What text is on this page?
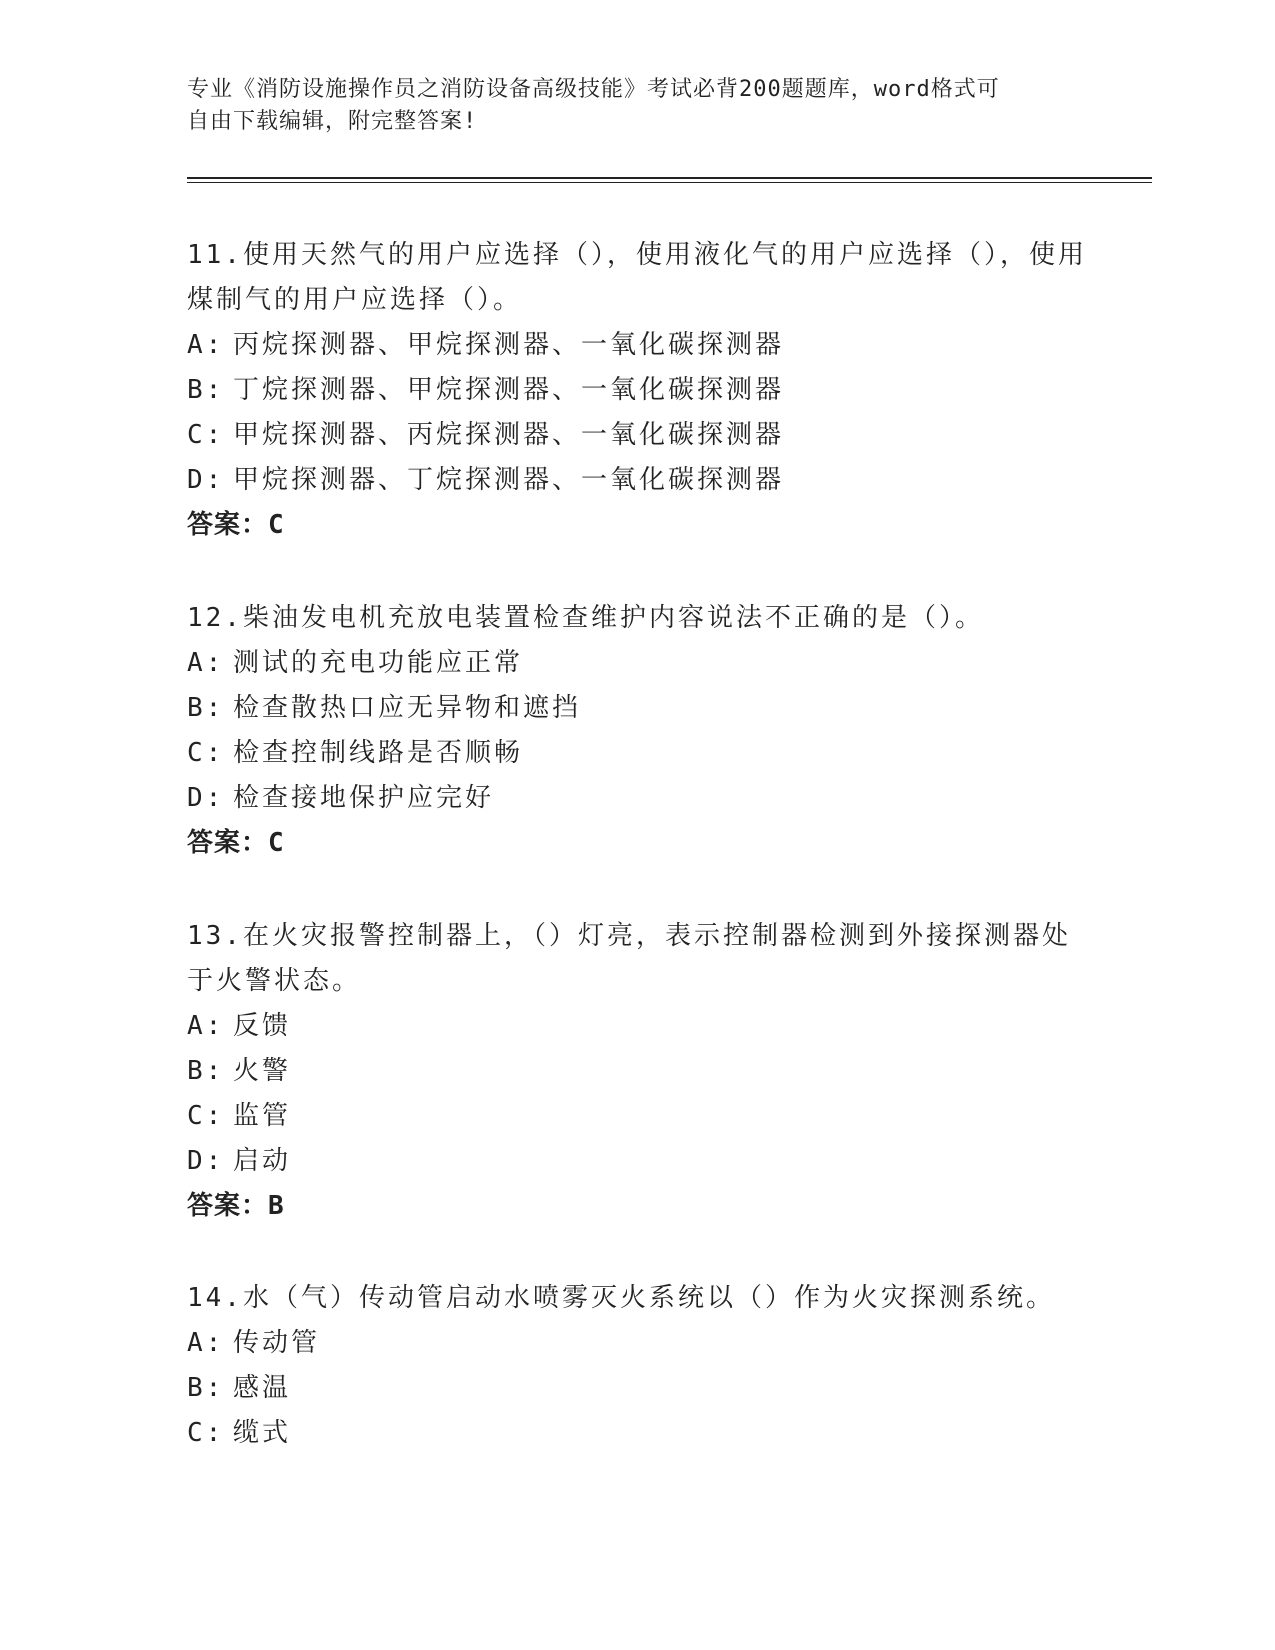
专业《消防设施操作员之消防设备高级技能》考试必背200题题库，word格式可
自由下载编辑，附完整答案!
11.使用天然气的用户应选择（），使用液化气的用户应选择（），使用煤制气的用户应选择（）。
A: 丙烷探测器、甲烷探测器、一氧化碳探测器
B: 丁烷探测器、甲烷探测器、一氧化碳探测器
C: 甲烷探测器、丙烷探测器、一氧化碳探测器
D: 甲烷探测器、丁烷探测器、一氧化碳探测器
答案：C
12.柴油发电机充放电装置检查维护内容说法不正确的是（）。
A: 测试的充电功能应正常
B: 检查散热口应无异物和遮挡
C: 检查控制线路是否顺畅
D: 检查接地保护应完好
答案：C
13.在火灾报警控制器上，（）灯亮，表示控制器检测到外接探测器处于火警状态。
A: 反馈
B: 火警
C: 监管
D: 启动
答案：B
14.水（气）传动管启动水喷雾灭火系统以（）作为火灾探测系统。
A: 传动管
B: 感温
C: 缆式
